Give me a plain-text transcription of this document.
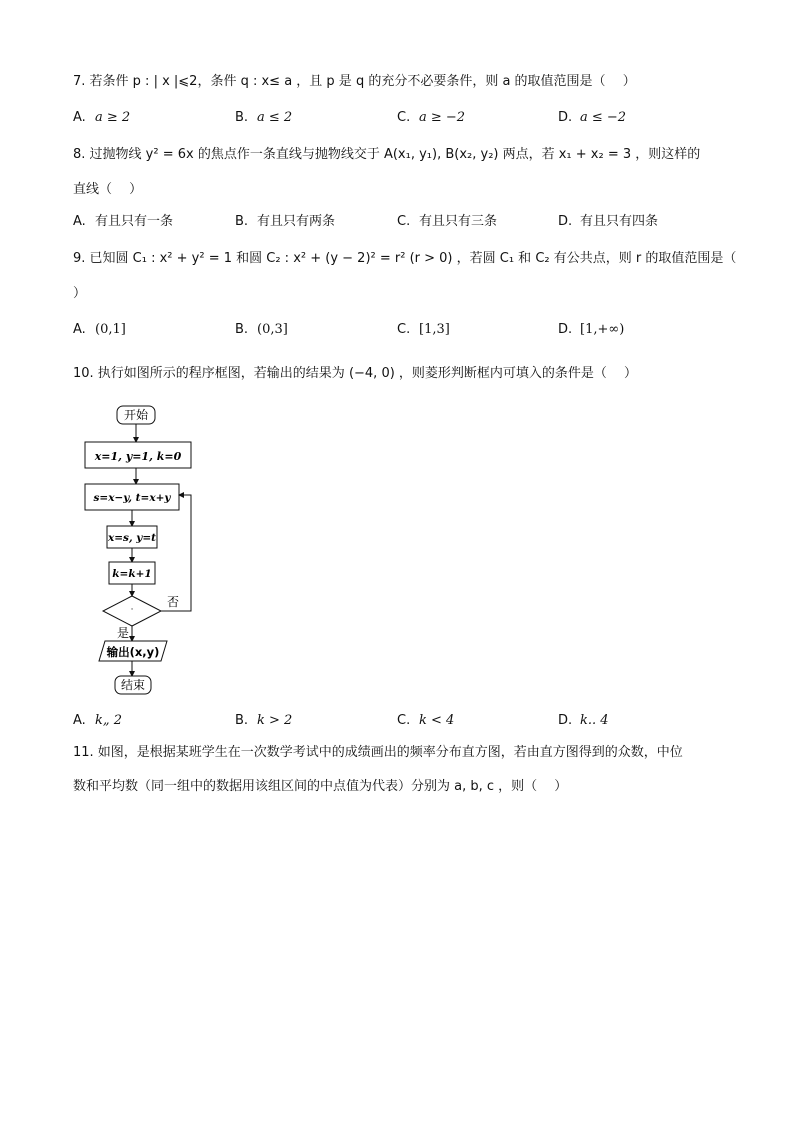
7. 若条件 p : | x |⩽2，条件 q : x≤ a ，且 p 是 q 的充分不必要条件，则 a 的取值范围是（　 ）
A. a ≥ 2	B. a ≤ 2	C. a ≥ −2	D. a ≤ −2
8. 过抛物线 y² = 6x 的焦点作一条直线与抛物线交于 A(x₁, y₁), B(x₂, y₂) 两点，若 x₁ + x₂ = 3 ，则这样的
直线（　 ）
A. 有且只有一条	B. 有且只有两条	C. 有且只有三条	D. 有且只有四条
9. 已知圆 C₁ : x² + y² = 1 和圆 C₂ : x² + (y − 2)² = r² (r > 0) ，若圆 C₁ 和 C₂ 有公共点，则 r 的取值范围是（
）
A. (0,1]	B. (0,3]	C. [1,3]	D. [1,+∞)
10. 执行如图所示的程序框图，若输出的结果为 (−4, 0) ，则菱形判断框内可填入的条件是（　 ）
开始
x=1, y=1, k=0
s=x−y, t=x+y
x=s, y=t
k=k+1
·
否
是
输出(x,y)
结束
A. k„ 2	B. k > 2	C. k < 4	D. k.. 4
11. 如图，是根据某班学生在一次数学考试中的成绩画出的频率分布直方图，若由直方图得到的众数，中位
数和平均数（同一组中的数据用该组区间的中点值为代表）分别为 a, b, c ，则（　 ）
